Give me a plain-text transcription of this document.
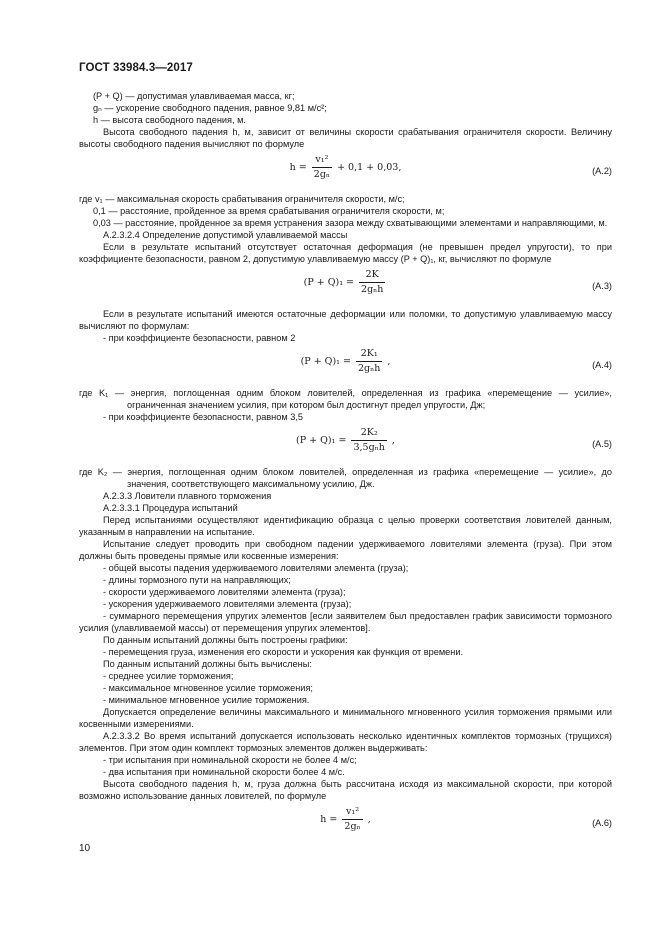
ГОСТ 33984.3—2017

(P + Q) — допустимая улавливаемая масса, кг;

gₙ — ускорение свободного падения, равное 9,81 м/с²;

h — высота свободного падения, м.

Высота свободного падения h, м, зависит от величины скорости срабатывания ограничителя скорости. Величину высоты свободного падения вычисляют по формуле

$h = \frac{\text{v₁²}}{\text{2gₙ}} + 0,1 + 0,03$,	(А.2)

где v₁ — максимальная скорость срабатывания ограничителя скорости, м/с;

0,1 — расстояние, пройденное за время срабатывания ограничителя скорости, м;

0,03 — расстояние, пройденное за время устранения зазора между схватывающими элементами и направляющими, м.

А.2.3.2.4 Определение допустимой улавливаемой массы

Если в результате испытаний отсутствует остаточная деформация (не превышен предел упругости), то при коэффициенте безопасности, равном 2, допустимую улавливаемую массу (P + Q)₁, кг, вычисляют по формуле

$(P + Q)_1 = \frac{2K}{\text{2gₙh}}$	(А.3)

Если в результате испытаний имеются остаточные деформации или поломки, то допустимую улавливаемую массу вычисляют по формулам:

- при коэффициенте безопасности, равном 2

$(P + Q)_1 = \frac{\text{2K₁}}{\text{2gₙh}}$ ,	(А.4)

где K₁ — энергия, поглощенная одним блоком ловителей, определенная из графика «перемещение — усилие», ограниченная значением усилия, при котором был достигнут предел упругости, Дж;

- при коэффициенте безопасности, равном 3,5

$(P + Q)_1 = \frac{\text{2K₂}}{\text{3,5gₙh}}$ ,	(А.5)

где K₂ — энергия, поглощенная одним блоком ловителей, определенная из графика «перемещение — усилие», до значения, соответствующего максимальному усилию, Дж.

А.2.3.3 Ловители плавного торможения

А.2.3.3.1 Процедура испытаний

Перед испытаниями осуществляют идентификацию образца с целью проверки соответствия ловителей данным, указанным в направлении на испытание.

Испытание следует проводить при свободном падении удерживаемого ловителями элемента (груза). При этом должны быть проведены прямые или косвенные измерения:

- общей высоты падения удерживаемого ловителями элемента (груза);

- длины тормозного пути на направляющих;

- скорости удерживаемого ловителями элемента (груза);

- ускорения удерживаемого ловителями элемента (груза);

- суммарного перемещения упругих элементов [если заявителем был предоставлен график зависимости тормозного усилия (улавливаемой массы) от перемещения упругих элементов].

По данным испытаний должны быть построены графики:

- перемещения груза, изменения его скорости и ускорения как функция от времени.

По данным испытаний должны быть вычислены:

- среднее усилие торможения;

- максимальное мгновенное усилие торможения;

- минимальное мгновенное усилие торможения.

Допускается определение величины максимального и минимального мгновенного усилия торможения прямыми или косвенными измерениями.

А.2.3.3.2 Во время испытаний допускается использовать несколько идентичных комплектов тормозных (трущихся) элементов. При этом один комплект тормозных элементов должен выдерживать:

- три испытания при номинальной скорости не более 4 м/с;

- два испытания при номинальной скорости более 4 м/с.

Высота свободного падения h, м, груза должна быть рассчитана исходя из максимальной скорости, при которой возможно использование данных ловителей, по формуле

$h = \frac{\text{v₁²}}{\text{2gₙ}}$ ,	(А.6)
10
